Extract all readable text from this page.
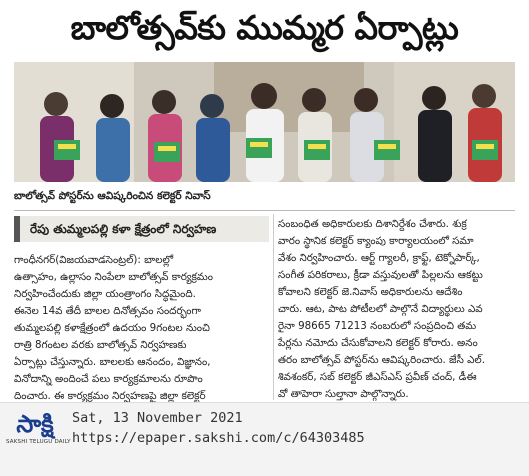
బాలోత్సవ్‌కు ముమ్మర ఏర్పాట్లు
బాలోత్సవ్ పోస్టర్‌ను ఆవిష్కరించిన కలెక్టర్ నివాస్
రేపు తుమ్మలపల్లి కళా క్షేత్రంలో నిర్వహణ
గాంధీనగర్(విజయవాడసెంట్రల్): బాలల్లో
ఉత్సాహం, ఉల్లాసం నింపేలా బాలోత్సవ్ కార్యక్రమం
నిర్వహించేందుకు జిల్లా యంత్రాంగం సిద్ధమైంది.
ఈనెల 14వ తేదీ బాలల దినోత్సవం సందర్భంగా
తుమ్మలపల్లి కళాక్షేత్రంలో ఉదయం 9గంటల నుంచి
రాత్రి 8గంటల వరకు బాలోత్సవ్ నిర్వహణకు
ఏర్పాట్లు చేస్తున్నారు. బాలలకు ఆనందం, విజ్ఞానం,
వినోదాన్ని అందించే పలు కార్యక్రమాలను రూపొం
దించారు. ఈ కార్యక్రమం నిర్వహణపై జిల్లా కలెక్టర్
సంబంధిత అధికారులకు దిశానిర్దేశం చేశారు. శుక్ర
వారం స్థానిక కలెక్టర్ క్యాంపు కార్యాలయంలో సమా
వేశం నిర్వహించారు. ఆర్ట్ గ్యాలరీ, క్రాఫ్ట్, టెక్నోపార్క్,
సంగీత పరికరాలు, క్రీడా వస్తువులతో పిల్లలను ఆకట్టు
కోవాలని కలెక్టర్ జె.నివాస్ అధికారులను ఆదేశిం
చారు. ఆట, పాట పోటీలలో పాల్గొనే విద్యార్థులు ఎవ
రైనా 98665 71213 నంబరులో సంప్రదించి తమ
పేర్లను నమోదు చేసుకోవాలని కలెక్టర్ కోరారు. అనం
తరం బాలోత్సవ్ పోస్టర్‌ను ఆవిష్కరించారు. జేసీ ఎల్.
శివశంకర్, సబ్ కలెక్టర్ జీఎస్ఎస్ ప్రవీణ్ చంద్, డీఈ
వో తాహెరా సుల్తానా పాల్గొన్నారు.
సాక్షి
SAKSHI TELUGU DAILY
Sat, 13 November 2021
https://epaper.sakshi.com/c/64303485
